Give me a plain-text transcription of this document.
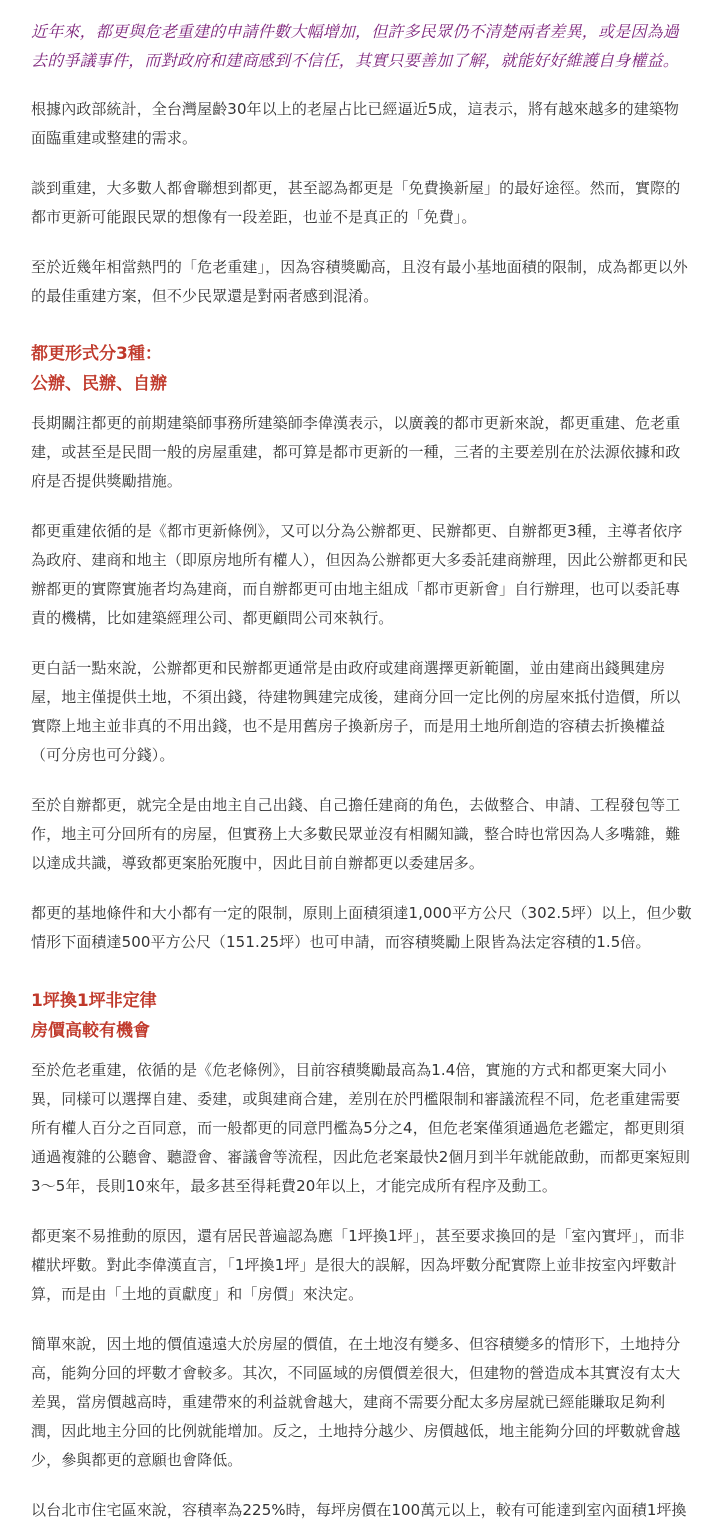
近年來，都更與危老重建的申請件數大幅增加，但許多民眾仍不清楚兩者差異，或是因為過去的爭議事件，而對政府和建商感到不信任，其實只要善加了解，就能好好維護自身權益。

根據內政部統計，全台灣屋齡30年以上的老屋占比已經逼近5成，這表示，將有越來越多的建築物面臨重建或整建的需求。

談到重建，大多數人都會聯想到都更，甚至認為都更是「免費換新屋」的最好途徑。然而，實際的都市更新可能跟民眾的想像有一段差距，也並不是真正的「免費」。

至於近幾年相當熱門的「危老重建」，因為容積獎勵高，且沒有最小基地面積的限制，成為都更以外的最佳重建方案，但不少民眾還是對兩者感到混淆。

都更形式分3種：
公辦、民辦、自辦

長期關注都更的前期建築師事務所建築師李偉漢表示，以廣義的都市更新來說，都更重建、危老重建，或甚至是民間一般的房屋重建，都可算是都市更新的一種，三者的主要差別在於法源依據和政府是否提供獎勵措施。

都更重建依循的是《都市更新條例》，又可以分為公辦都更、民辦都更、自辦都更3種，主導者依序為政府、建商和地主（即原房地所有權人），但因為公辦都更大多委託建商辦理，因此公辦都更和民辦都更的實際實施者均為建商，而自辦都更可由地主組成「都市更新會」自行辦理，也可以委託專責的機構，比如建築經理公司、都更顧問公司來執行。

更白話一點來說，公辦都更和民辦都更通常是由政府或建商選擇更新範圍，並由建商出錢興建房屋，地主僅提供土地，不須出錢，待建物興建完成後，建商分回一定比例的房屋來抵付造價，所以實際上地主並非真的不用出錢，也不是用舊房子換新房子，而是用土地所創造的容積去折換權益（可分房也可分錢）。

至於自辦都更，就完全是由地主自己出錢、自己擔任建商的角色，去做整合、申請、工程發包等工作，地主可分回所有的房屋，但實務上大多數民眾並沒有相關知識，整合時也常因為人多嘴雜，難以達成共識，導致都更案胎死腹中，因此目前自辦都更以委建居多。

都更的基地條件和大小都有一定的限制，原則上面積須達1,000平方公尺（302.5坪）以上，但少數情形下面積達500平方公尺（151.25坪）也可申請，而容積獎勵上限皆為法定容積的1.5倍。

1坪換1坪非定律
房價高較有機會

至於危老重建，依循的是《危老條例》，目前容積獎勵最高為1.4倍，實施的方式和都更案大同小異，同樣可以選擇自建、委建，或與建商合建，差別在於門檻限制和審議流程不同，危老重建需要所有權人百分之百同意，而一般都更的同意門檻為5分之4，但危老案僅須通過危老鑑定，都更則須通過複雜的公聽會、聽證會、審議會等流程，因此危老案最快2個月到半年就能啟動，而都更案短則3～5年，長則10來年，最多甚至得耗費20年以上，才能完成所有程序及動工。

都更案不易推動的原因，還有居民普遍認為應「1坪換1坪」，甚至要求換回的是「室內實坪」，而非權狀坪數。對此李偉漢直言，「1坪換1坪」是很大的誤解，因為坪數分配實際上並非按室內坪數計算，而是由「土地的貢獻度」和「房價」來決定。

簡單來說，因土地的價值遠遠大於房屋的價值，在土地沒有變多、但容積變多的情形下，土地持分高，能夠分回的坪數才會較多。其次，不同區域的房價價差很大，但建物的營造成本其實沒有太大差異，當房價越高時，重建帶來的利益就會越大，建商不需要分配太多房屋就已經能賺取足夠利潤，因此地主分回的比例就能增加。反之，土地持分越少、房價越低，地主能夠分回的坪數就會越少，參與都更的意願也會降低。

以台北市住宅區來說，容積率為225%時，每坪房價在100萬元以上，較有可能達到室內面積1坪換
